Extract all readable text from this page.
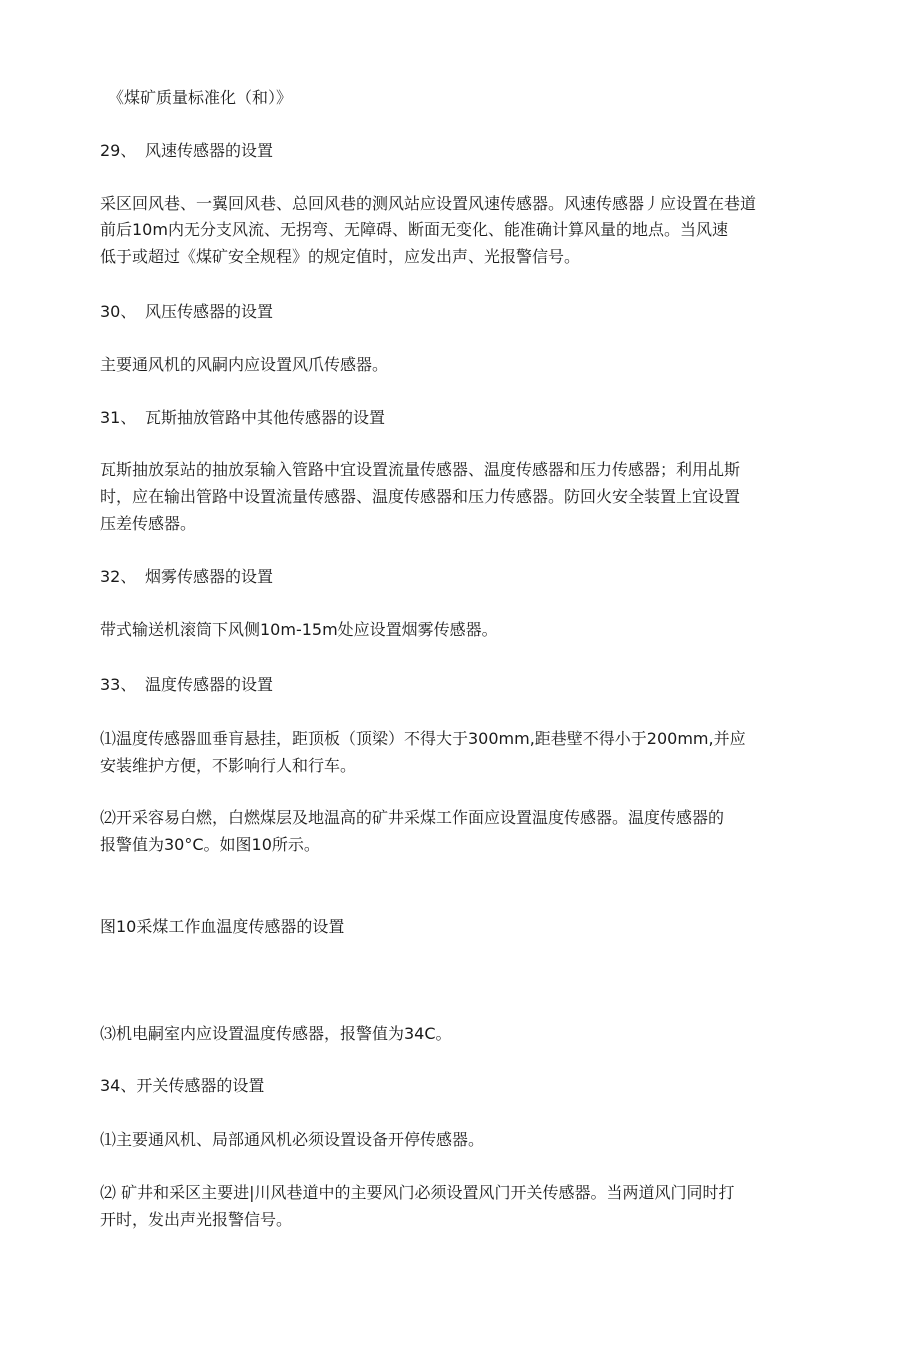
《煤矿质量标准化（和）》
29、 风速传感器的设置
采区回风巷、一翼回风巷、总回风巷的测风站应设置风速传感器。风速传感器丿应设置在巷道
前后10m内无分支风流、无拐弯、无障碍、断面无变化、能准确计算风量的地点。当风速
低于或超过《煤矿安全规程》的规定值时，应发出声、光报警信号。
30、 风压传感器的设置
主要通风机的风嗣内应设置风爪传感器。
31、 瓦斯抽放管路中其他传感器的设置
瓦斯抽放泵站的抽放泵输入管路中宜设置流量传感器、温度传感器和压力传感器；利用乩斯
时，应在输出管路中设置流量传感器、温度传感器和压力传感器。防回火安全装置上宜设置
压差传感器。
32、 烟雾传感器的设置
带式输送机滚筒下风侧10m-15m处应设置烟雾传感器。
33、 温度传感器的设置
⑴温度传感器皿垂肓悬挂，距顶板（顶梁）不得大于300mm,距巷壁不得小于200mm,并应
安装维护方便，不影响行人和行车。
⑵开采容易白燃，白燃煤层及地温高的矿井采煤工作面应设置温度传感器。温度传感器的
报警值为30°C。如图10所示。
图10采煤工作血温度传感器的设置
⑶机电嗣室内应设置温度传感器，报警值为34C。
34、开关传感器的设置
⑴主要通风机、局部通风机必须设置设备开停传感器。
⑵ 矿井和采区主要进|川风巷道中的主要风门必须设置风门开关传感器。当两道风门同时打
开时，发出声光报警信号。
